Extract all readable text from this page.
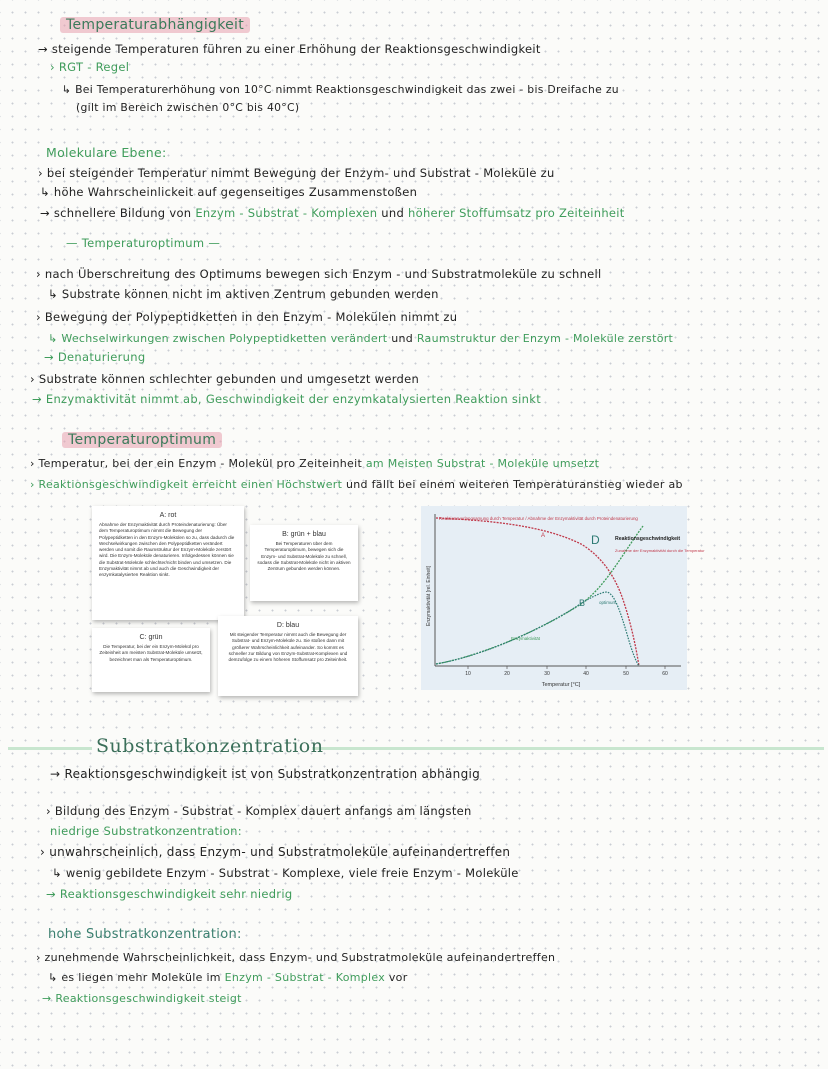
Temperaturabhängigkeit
→ steigende Temperaturen führen zu einer Erhöhung der Reaktionsgeschwindigkeit
› RGT - Regel
↳ Bei Temperaturerhöhung von 10°C nimmt Reaktionsgeschwindigkeit das zwei - bis Dreifache zu
(gilt im Bereich zwischen 0°C bis 40°C)
Molekulare Ebene:
› bei steigender Temperatur nimmt Bewegung der Enzym- und Substrat - Moleküle zu
↳ höhe Wahrscheinlickeit auf gegenseitiges Zusammenstoßen
→ schnellere Bildung von Enzym - Substrat - Komplexen und höherer Stoffumsatz pro Zeiteinheit
— Temperaturoptimum —
› nach Überschreitung des Optimums bewegen sich Enzym - und Substratmoleküle zu schnell
↳ Substrate können nicht im aktiven Zentrum gebunden werden
› Bewegung der Polypeptidketten in den Enzym - Molekülen nimmt zu
↳ Wechselwirkungen zwischen Polypeptidketten verändert und Raumstruktur der Enzym - Moleküle zerstört
→ Denaturierung
› Substrate können schlechter gebunden und umgesetzt werden
→ Enzymaktivität nimmt ab, Geschwindigkeit der enzymkatalysierten Reaktion sinkt
Temperaturoptimum
› Temperatur, bei der ein Enzym - Molekül pro Zeiteinheit am Meisten Substrat - Moleküle umsetzt
› Reaktionsgeschwindigkeit erreicht einen Höchstwert und fällt bei einem weiteren Temperaturanstieg wieder ab
A: rot
Abnahme der Enzymaktivität durch Proteindenaturierung: Über dem Temperaturoptimum nimmt die Bewegung der Polypeptidketten in den Enzym-Molekülen so zu, dass dadurch die Wechselwirkungen zwischen den Polypeptidketten verändert werden und somit die Raumstruktur der Enzym-Moleküle zerstört wird. Die Enzym-Moleküle denaturieren. Infolgedessen können sie die Substrat-Moleküle schlechter/nicht binden und umsetzen. Die Enzymaktivität nimmt ab und auch die Geschwindigkeit der enzymkatalysierten Reaktion sinkt.
B: grün + blau
Bei Temperaturen über dem Temperaturoptimum, bewegen sich die Enzym- und Substrat-Moleküle zu schnell, sodass die Substrat-Moleküle nicht im aktiven Zentrum gebunden werden können.
C: grün
Die Temperatur, bei der ein Enzym-Molekül pro Zeiteinheit am meisten Substrat-Moleküle umsetzt, bezeichnet man als Temperaturoptimum.
D: blau
Mit steigender Temperatur nimmt auch die Bewegung der Substrat- und Enzym-Moleküle zu. Sie stoßen dann mit größerer Wahrscheinlichkeit aufeinander. So kommt es schneller zur Bildung von Enzym-Substrat-Komplexen und demzufolge zu einem höheren Stoffumsatz pro Zeiteinheit.
10	20	30	40	50	60
Temperatur [°C]
Enzymaktivität [rel. Einheit]
Reaktionsverlangsamung durch Temperatur / Abnahme der Enzymaktivität durch Proteindenaturierung
A	D
B	optimum
Enzymaktivität
Reaktionsgeschwindigkeit
Zunahme der Enzymaktivität durch die Temperatur
Substratkonzentration
→ Reaktionsgeschwindigkeit ist von Substratkonzentration abhängig
› Bildung des Enzym - Substrat - Komplex dauert anfangs am längsten
niedrige Substratkonzentration:
› unwahrscheinlich, dass Enzym- und Substratmoleküle aufeinandertreffen
↳ wenig gebildete Enzym - Substrat - Komplexe, viele freie Enzym - Moleküle
→ Reaktionsgeschwindigkeit sehr niedrig
hohe Substratkonzentration:
› zunehmende Wahrscheinlichkeit, dass Enzym- und Substratmoleküle aufeinandertreffen
↳ es liegen mehr Moleküle im Enzym - Substrat - Komplex vor
→ Reaktionsgeschwindigkeit steigt
